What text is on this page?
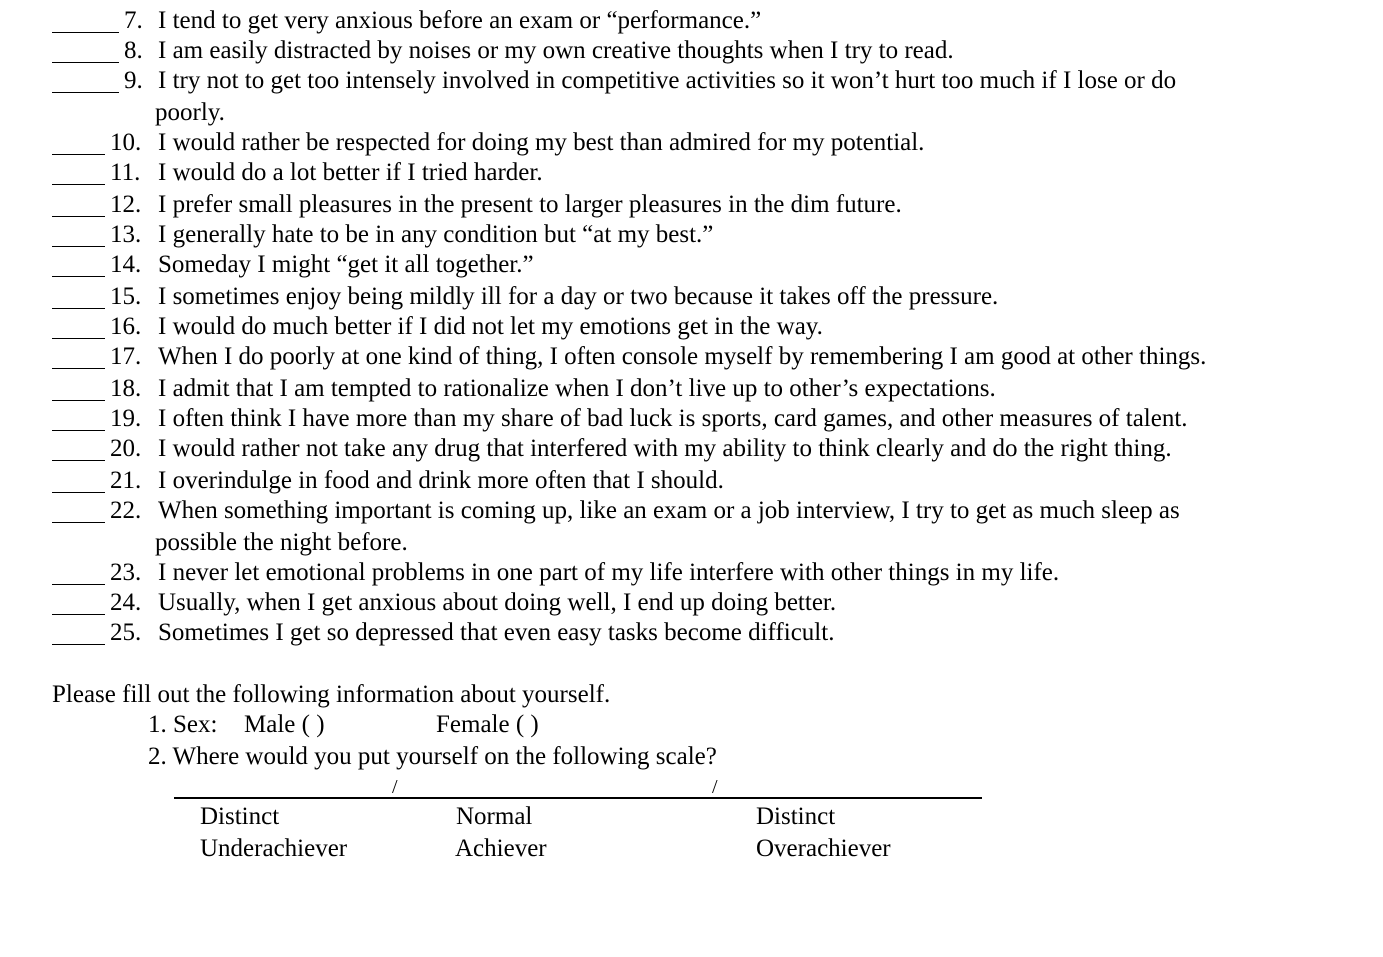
7. I tend to get very anxious before an exam or “performance.”
8. I am easily distracted by noises or my own creative thoughts when I try to read.
9. I try not to get too intensely involved in competitive activities so it won’t hurt too much if I lose or do
poorly.
10. I would rather be respected for doing my best than admired for my potential.
11. I would do a lot better if I tried harder.
12. I prefer small pleasures in the present to larger pleasures in the dim future.
13. I generally hate to be in any condition but “at my best.”
14. Someday I might “get it all together.”
15. I sometimes enjoy being mildly ill for a day or two because it takes off the pressure.
16. I would do much better if I did not let my emotions get in the way.
17. When I do poorly at one kind of thing, I often console myself by remembering I am good at other things.
18. I admit that I am tempted to rationalize when I don’t live up to other’s expectations.
19. I often think I have more than my share of bad luck is sports, card games, and other measures of talent.
20. I would rather not take any drug that interfered with my ability to think clearly and do the right thing.
21. I overindulge in food and drink more often that I should.
22. When something important is coming up, like an exam or a job interview, I try to get as much sleep as
possible the night before.
23. I never let emotional problems in one part of my life interfere with other things in my life.
24. Usually, when I get anxious about doing well, I end up doing better.
25. Sometimes I get so depressed that even easy tasks become difficult.
Please fill out the following information about yourself.
1. Sex: Male ( )	Female ( )
2. Where would you put yourself on the following scale?
/	/
Distinct
Underachiever
Normal
Achiever
Distinct
Overachiever
